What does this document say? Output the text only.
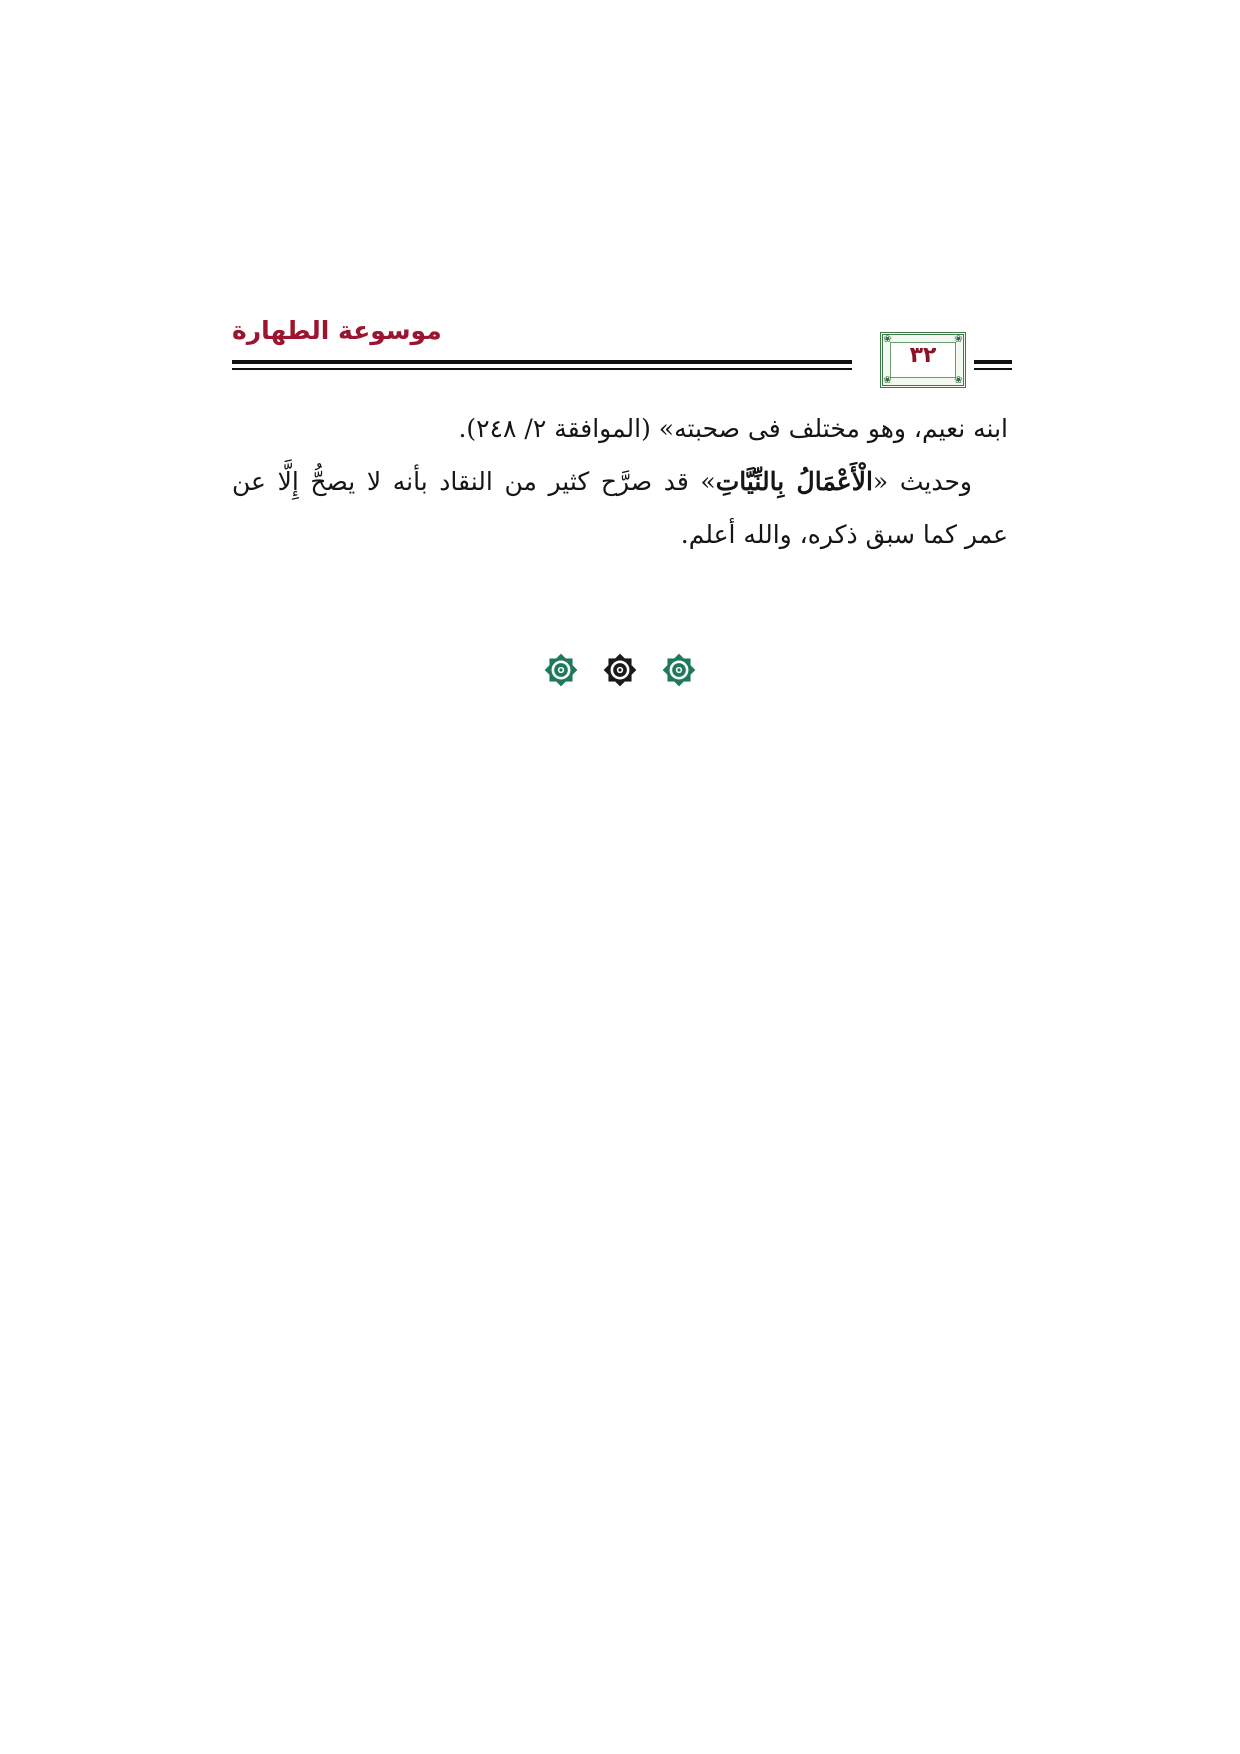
موسوعة الطهارة	❀	❀
❀	❀
٣٢

ابنه نعيم، وهو مختلف فى صحبته» (الموافقة ٢/ ٢٤٨).

وحديث «الْأَعْمَالُ بِالنِّيَّاتِ» قد صرَّح كثير من النقاد بأنه لا يصحُّ إِلَّا عن عمر كما سبق ذكره، والله أعلم.
